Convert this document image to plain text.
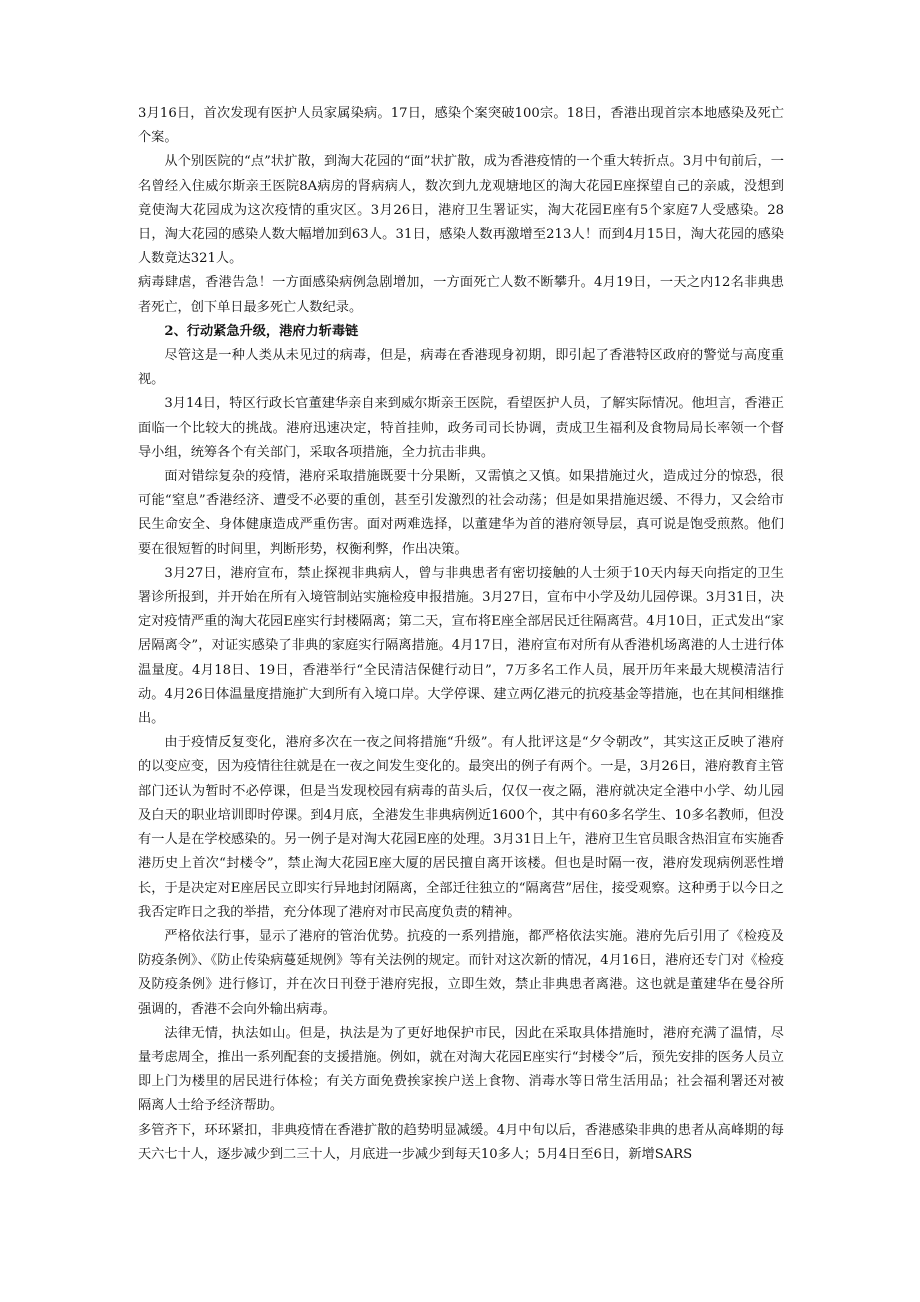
3月16日，首次发现有医护人员家属染病。17日，感染个案突破100宗。18日，香港出现首宗本地感染及死亡个案。

从个别医院的“点”状扩散，到淘大花园的“面”状扩散，成为香港疫情的一个重大转折点。3月中旬前后，一名曾经入住威尔斯亲王医院8A病房的肾病病人，数次到九龙观塘地区的淘大花园E座探望自己的亲戚，没想到竟使淘大花园成为这次疫情的重灾区。3月26日，港府卫生署证实，淘大花园E座有5个家庭7人受感染。28日，淘大花园的感染人数大幅增加到63人。31日，感染人数再激增至213人！而到4月15日，淘大花园的感染人数竟达321人。

病毒肆虐，香港告急！一方面感染病例急剧增加，一方面死亡人数不断攀升。4月19日，一天之内12名非典患者死亡，创下单日最多死亡人数纪录。

2、行动紧急升级，港府力斩毒链

尽管这是一种人类从未见过的病毒，但是，病毒在香港现身初期，即引起了香港特区政府的警觉与高度重视。

3月14日，特区行政长官董建华亲自来到威尔斯亲王医院，看望医护人员，了解实际情况。他坦言，香港正面临一个比较大的挑战。港府迅速决定，特首挂帅，政务司司长协调，责成卫生福利及食物局局长率领一个督导小组，统筹各个有关部门，采取各项措施，全力抗击非典。

面对错综复杂的疫情，港府采取措施既要十分果断，又需慎之又慎。如果措施过火，造成过分的惊恐，很可能“窒息”香港经济、遭受不必要的重创，甚至引发激烈的社会动荡；但是如果措施迟缓、不得力，又会给市民生命安全、身体健康造成严重伤害。面对两难选择，以董建华为首的港府领导层，真可说是饱受煎熬。他们要在很短暂的时间里，判断形势，权衡利弊，作出决策。

3月27日，港府宣布，禁止探视非典病人，曾与非典患者有密切接触的人士须于10天内每天向指定的卫生署诊所报到，并开始在所有入境管制站实施检疫申报措施。3月27日，宣布中小学及幼儿园停课。3月31日，决定对疫情严重的淘大花园E座实行封楼隔离；第二天，宣布将E座全部居民迁往隔离营。4月10日，正式发出“家居隔离令”，对证实感染了非典的家庭实行隔离措施。4月17日，港府宣布对所有从香港机场离港的人士进行体温量度。4月18日、19日，香港举行“全民清洁保健行动日”，7万多名工作人员，展开历年来最大规模清洁行动。4月26日体温量度措施扩大到所有入境口岸。大学停课、建立两亿港元的抗疫基金等措施，也在其间相继推出。

由于疫情反复变化，港府多次在一夜之间将措施“升级”。有人批评这是“夕令朝改”，其实这正反映了港府的以变应变，因为疫情往往就是在一夜之间发生变化的。最突出的例子有两个。一是，3月26日，港府教育主管部门还认为暂时不必停课，但是当发现校园有病毒的苗头后，仅仅一夜之隔，港府就决定全港中小学、幼儿园及白天的职业培训即时停课。到4月底，全港发生非典病例近1600个，其中有60多名学生、10多名教师，但没有一人是在学校感染的。另一例子是对淘大花园E座的处理。3月31日上午，港府卫生官员眼含热泪宣布实施香港历史上首次“封楼令”，禁止淘大花园E座大厦的居民擅自离开该楼。但也是时隔一夜，港府发现病例恶性增长，于是决定对E座居民立即实行异地封闭隔离，全部迁往独立的“隔离营”居住，接受观察。这种勇于以今日之我否定昨日之我的举措，充分体现了港府对市民高度负责的精神。

严格依法行事，显示了港府的管治优势。抗疫的一系列措施，都严格依法实施。港府先后引用了《检疫及防疫条例》、《防止传染病蔓延规例》等有关法例的规定。而针对这次新的情况，4月16日，港府还专门对《检疫及防疫条例》进行修订，并在次日刊登于港府宪报，立即生效，禁止非典患者离港。这也就是董建华在曼谷所强调的，香港不会向外输出病毒。

法律无情，执法如山。但是，执法是为了更好地保护市民，因此在采取具体措施时，港府充满了温情，尽量考虑周全，推出一系列配套的支援措施。例如，就在对淘大花园E座实行“封楼令”后，预先安排的医务人员立即上门为楼里的居民进行体检；有关方面免费挨家挨户送上食物、消毒水等日常生活用品；社会福利署还对被隔离人士给予经济帮助。

多管齐下，环环紧扣，非典疫情在香港扩散的趋势明显减缓。4月中旬以后，香港感染非典的患者从高峰期的每天六七十人，逐步减少到二三十人，月底进一步减少到每天10多人；5月4日至6日，新增SARS
